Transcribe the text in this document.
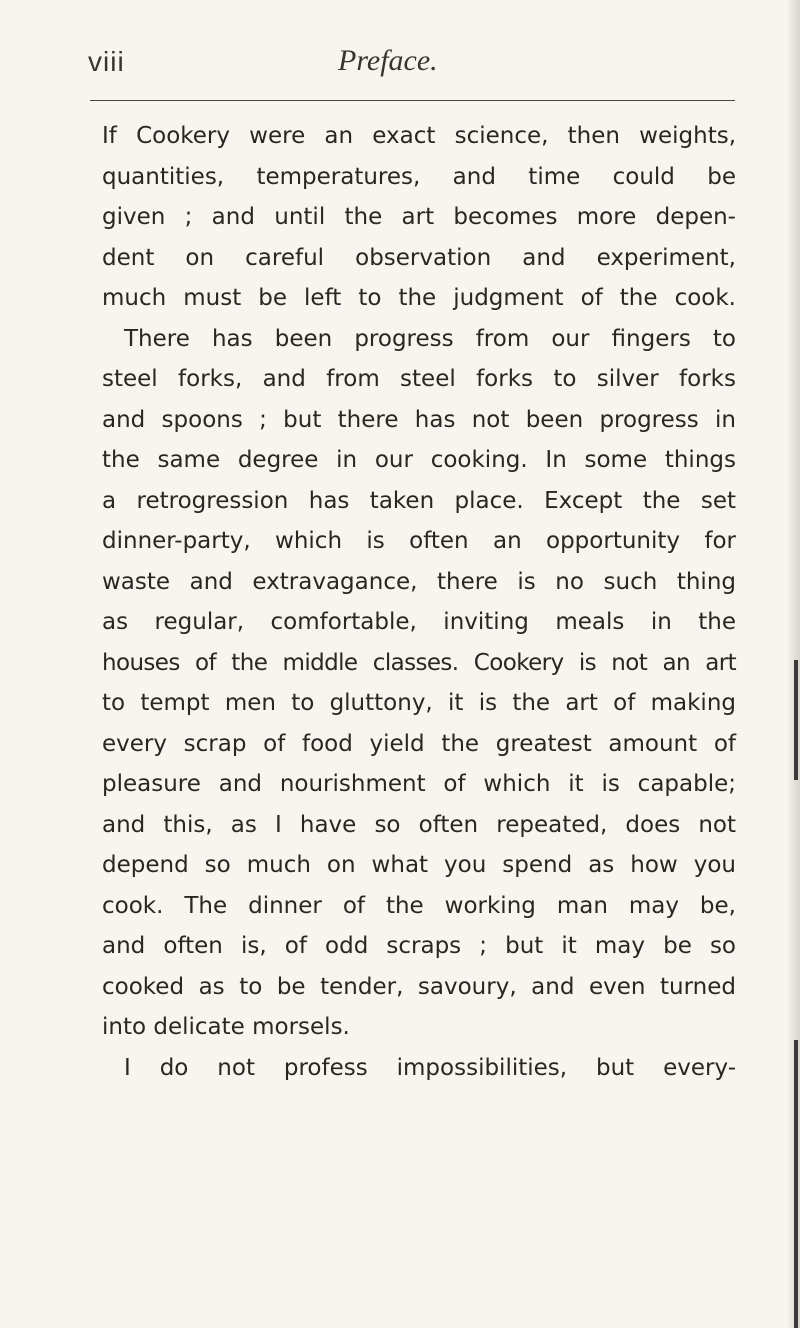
viii	Preface.
If Cookery were an exact science, then weights,
quantities, temperatures, and time could be
given ; and until the art becomes more depen-
dent on careful observation and experiment,
much must be left to the judgment of the cook.
There has been progress from our fingers to
steel forks, and from steel forks to silver forks
and spoons ; but there has not been progress in
the same degree in our cooking. In some things
a retrogression has taken place. Except the set
dinner-party, which is often an opportunity for
waste and extravagance, there is no such thing
as regular, comfortable, inviting meals in the
houses of the middle classes. Cookery is not an art
to tempt men to gluttony, it is the art of making
every scrap of food yield the greatest amount of
pleasure and nourishment of which it is capable;
and this, as I have so often repeated, does not
depend so much on what you spend as how you
cook. The dinner of the working man may be,
and often is, of odd scraps ; but it may be so
cooked as to be tender, savoury, and even turned
into delicate morsels.
I do not profess impossibilities, but every-
